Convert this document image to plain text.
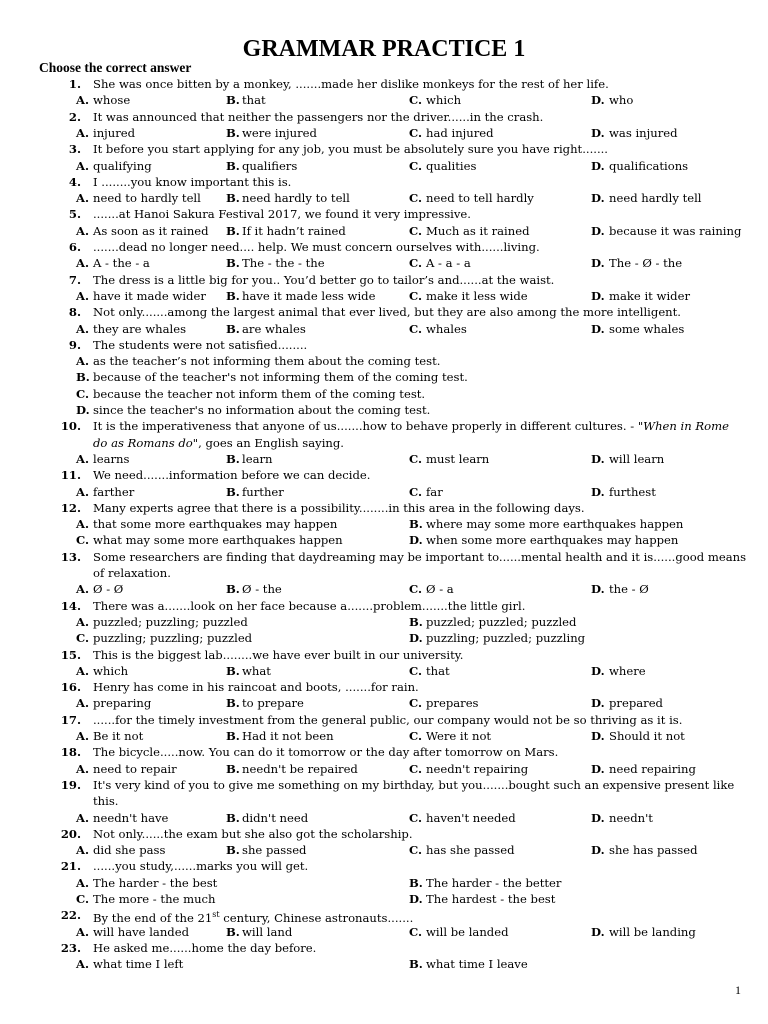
GRAMMAR PRACTICE 1
Choose the correct answer
1. She was once bitten by a monkey, .......made her dislike monkeys for the rest of her life.
A. whose	B. that	C. which	D. who
2. It was announced that neither the passengers nor the driver......in the crash.
A. injured	B. were injured	C. had injured	D. was injured
3. It before you start applying for any job, you must be absolutely sure you have right.......
A. qualifying	B. qualifiers	C. qualities	D. qualifications
4. I ........you know important this is.
A. need to hardly tell B. need hardly to tell	C. need to tell hardly	D. need hardly tell
5. .......at Hanoi Sakura Festival 2017, we found it very impressive.
A. As soon as it rained B. If it hadn’t rained	C. Much as it rained	D. because it was raining
6. .......dead no longer need.... help. We must concern ourselves with......living.
A. A - the - a	B. The - the - the	C. A - a - a	D. The - Ø - the
7. The dress is a little big for you.. You’d better go to tailor’s and......at the waist.
A. have it made wider B. have it made less wide	C. make it less wide	D. make it wider
8. Not only.......among the largest animal that ever lived, but they are also among the more intelligent.
A. they are whales	B. are whales	C. whales	D. some whales
9. The students were not satisfied........
A. as the teacher’s not informing them about the coming test.
B. because of the teacher's not informing them of the coming test.
C. because the teacher not inform them of the coming test.
D. since the teacher's no information about the coming test.
10. It is the imperativeness that anyone of us.......how to behave properly in different cultures. - "When in Rome
do as Romans do", goes an English saying.
A. learns	B. learn	C. must learn	D. will learn
11. We need.......information before we can decide.
A. farther	B. further	C. far	D. furthest
12. Many experts agree that there is a possibility........in this area in the following days.
A. that some more earthquakes may happen	B. where may some more earthquakes happen
C. what may some more earthquakes happen	D. when some more earthquakes may happen
13. Some researchers are finding that daydreaming may be important to......mental health and it is......good means
of relaxation.
A. Ø - Ø	B. Ø - the	C. Ø - a	D. the - Ø
14. There was a.......look on her face because a.......problem.......the little girl.
A. puzzled; puzzling; puzzled	B. puzzled; puzzled; puzzled
C. puzzling; puzzling; puzzled	D. puzzling; puzzled; puzzling
15. This is the biggest lab........we have ever built in our university.
A. which	B. what	C. that	D. where
16. Henry has come in his raincoat and boots, .......for rain.
A. preparing	B. to prepare	C. prepares	D. prepared
17. ......for the timely investment from the general public, our company would not be so thriving as it is.
A. Be it not	B. Had it not been	C. Were it not	D. Should it not
18. The bicycle.....now. You can do it tomorrow or the day after tomorrow on Mars.
A. need to repair	B. needn't be repaired	C. needn't repairing	D. need repairing
19. It's very kind of you to give me something on my birthday, but you.......bought such an expensive present like
this.
A. needn't have	B. didn't need	C. haven't needed	D. needn't
20. Not only......the exam but she also got the scholarship.
A. did she pass	B. she passed	C. has she passed	D. she has passed
21. ......you study,......marks you will get.
A. The harder - the best	B. The harder - the better
C. The more - the much	D. The hardest - the best
22. By the end of the 21st century, Chinese astronauts.......
A. will have landed	B. will land	C. will be landed	D. will be landing
23. He asked me......home the day before.
A. what time I left	B. what time I leave
1
